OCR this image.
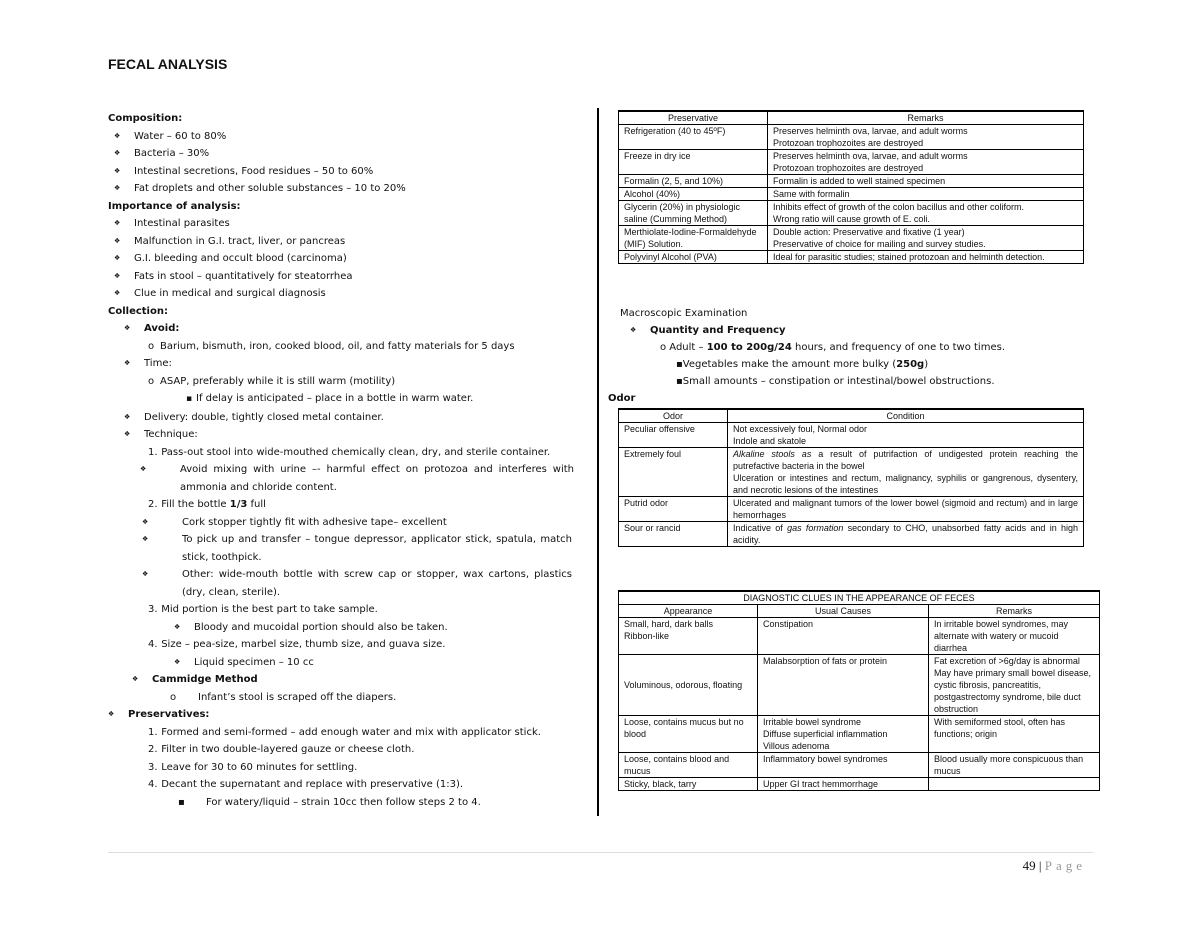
FECAL ANALYSIS
Composition:
❖ Water – 60 to 80%
❖ Bacteria – 30%
❖ Intestinal secretions, Food residues – 50 to 60%
❖ Fat droplets and other soluble substances – 10 to 20%
Importance of analysis:
❖ Intestinal parasites
❖ Malfunction in G.I. tract, liver, or pancreas
❖ G.I. bleeding and occult blood (carcinoma)
❖ Fats in stool – quantitatively for steatorrhea
❖ Clue in medical and surgical diagnosis
Collection:
❖ Avoid:
o Barium, bismuth, iron, cooked blood, oil, and fatty materials for 5 days
❖ Time:
o ASAP, preferably while it is still warm (motility)
▪ If delay is anticipated – place in a bottle in warm water.
❖ Delivery: double, tightly closed metal container.
❖ Technique:
1. Pass-out stool into wide-mouthed chemically clean, dry, and sterile container.
❖ Avoid mixing with urine –- harmful effect on protozoa and interferes with ammonia and chloride content.
2. Fill the bottle 1/3 full
❖ Cork stopper tightly fit with adhesive tape– excellent
❖ To pick up and transfer – tongue depressor, applicator stick, spatula, match stick, toothpick.
❖ Other: wide-mouth bottle with screw cap or stopper, wax cartons, plastics (dry, clean, sterile).
3. Mid portion is the best part to take sample.
❖ Bloody and mucoidal portion should also be taken.
4. Size – pea-size, marbel size, thumb size, and guava size.
❖ Liquid specimen – 10 cc
❖ Cammidge Method
o Infant’s stool is scraped off the diapers.
❖ Preservatives:
1. Formed and semi-formed – add enough water and mix with applicator stick.
2. Filter in two double-layered gauze or cheese cloth.
3. Leave for 30 to 60 minutes for settling.
4. Decant the supernatant and replace with preservative (1:3).
▪ For watery/liquid – strain 10cc then follow steps 2 to 4.
Preservative	Remarks
Refrigeration (40 to 45ºF)	Preserves helminth ova, larvae, and adult worms
Protozoan trophozoites are destroyed
Freeze in dry ice	Preserves helminth ova, larvae, and adult worms
Protozoan trophozoites are destroyed
Formalin (2, 5, and 10%)	Formalin is added to well stained specimen
Alcohol (40%)	Same with formalin
Glycerin (20%) in physiologic saline (Cumming Method)	Inhibits effect of growth of the colon bacillus and other coliform.
Wrong ratio will cause growth of E. coli.
Merthiolate-Iodine-Formaldehyde (MIF) Solution.	Double action: Preservative and fixative (1 year)
Preservative of choice for mailing and survey studies.
Polyvinyl Alcohol (PVA)	Ideal for parasitic studies; stained protozoan and helminth detection.
Macroscopic Examination
❖ Quantity and Frequency
o Adult – 100 to 200g/24 hours, and frequency of one to two times.
▪Vegetables make the amount more bulky (250g)
▪Small amounts – constipation or intestinal/bowel obstructions.
Odor
Odor	Condition
Peculiar offensive	Not excessively foul, Normal odor
Indole and skatole

Extremely foul	Alkaline stools as a result of putrifaction of undigested protein reaching the putrefactive bacteria in the bowel
Ulceration or intestines and rectum, malignancy, syphilis or gangrenous, dysentery, and necrotic lesions of the intestines

Putrid odor	Ulcerated and malignant tumors of the lower bowel (sigmoid and rectum) and in large hemorrhages
Sour or rancid	Indicative of gas formation secondary to CHO, unabsorbed fatty acids and in high acidity.
DIAGNOSTIC CLUES IN THE APPEARANCE OF FECES		
Appearance	Usual Causes	Remarks
Small, hard, dark balls
Ribbon-like	Constipation	In irritable bowel syndromes, may alternate with watery or mucoid diarrhea
Voluminous, odorous, floating	Malabsorption of fats or protein	Fat excretion of >6g/day is abnormal
May have primary small bowel disease, cystic fibrosis, pancreatitis, postgastrectomy syndrome, bile duct obstruction
Loose, contains mucus but no blood	Irritable bowel syndrome
Diffuse superficial inflammation
Villous adenoma	With semiformed stool, often has functions; origin
Loose, contains blood and mucus	Inflammatory bowel syndromes	Blood usually more conspicuous than mucus
Sticky, black, tarry	Upper GI tract hemmorrhage	
49 | Page
